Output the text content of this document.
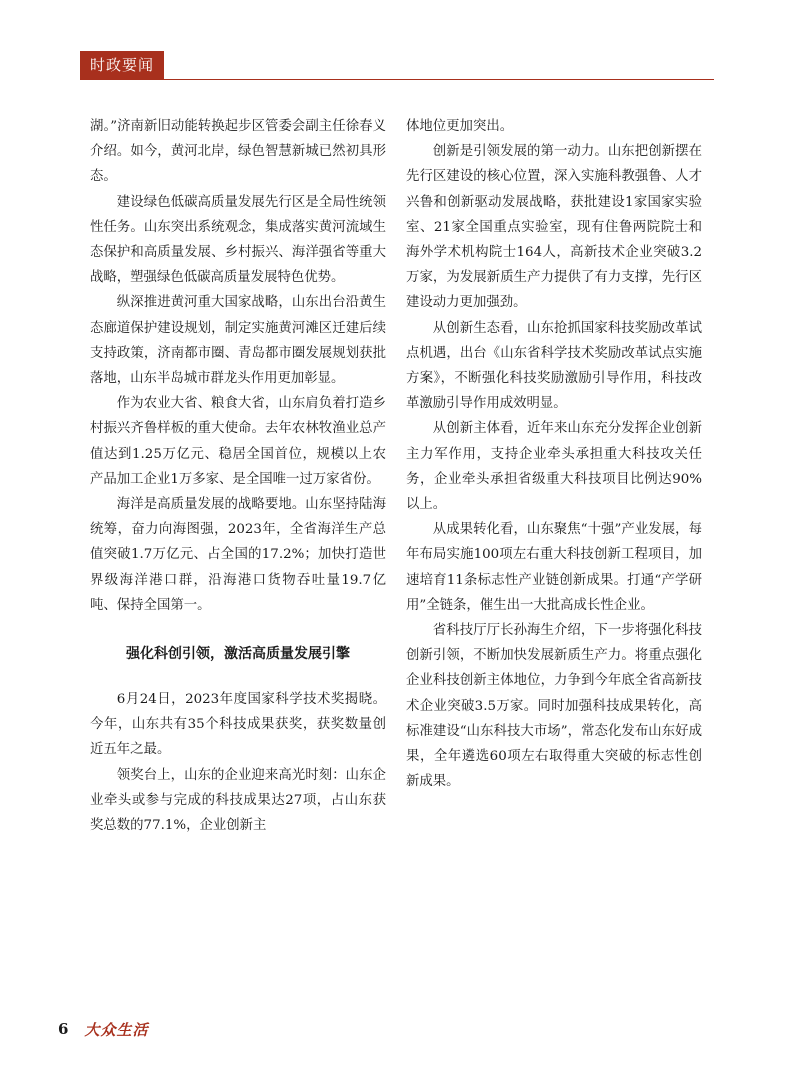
时政要闻

湖。”济南新旧动能转换起步区管委会副主任徐春义介绍。如今，黄河北岸，绿色智慧新城已然初具形态。

建设绿色低碳高质量发展先行区是全局性统领性任务。山东突出系统观念，集成落实黄河流域生态保护和高质量发展、乡村振兴、海洋强省等重大战略，塑强绿色低碳高质量发展特色优势。

纵深推进黄河重大国家战略，山东出台沿黄生态廊道保护建设规划，制定实施黄河滩区迁建后续支持政策，济南都市圈、青岛都市圈发展规划获批落地，山东半岛城市群龙头作用更加彰显。

作为农业大省、粮食大省，山东肩负着打造乡村振兴齐鲁样板的重大使命。去年农林牧渔业总产值达到1.25万亿元、稳居全国首位，规模以上农产品加工企业1万多家、是全国唯一过万家省份。

海洋是高质量发展的战略要地。山东坚持陆海统筹，奋力向海图强，2023年，全省海洋生产总值突破1.7万亿元、占全国的17.2%；加快打造世界级海洋港口群，沿海港口货物吞吐量19.7亿吨、保持全国第一。

强化科创引领，激活高质量发展引擎

6月24日，2023年度国家科学技术奖揭晓。今年，山东共有35个科技成果获奖，获奖数量创近五年之最。

领奖台上，山东的企业迎来高光时刻：山东企业牵头或参与完成的科技成果达27项，占山东获奖总数的77.1%，企业创新主

体地位更加突出。

创新是引领发展的第一动力。山东把创新摆在先行区建设的核心位置，深入实施科教强鲁、人才兴鲁和创新驱动发展战略，获批建设1家国家实验室、21家全国重点实验室，现有住鲁两院院士和海外学术机构院士164人，高新技术企业突破3.2万家，为发展新质生产力提供了有力支撑，先行区建设动力更加强劲。

从创新生态看，山东抢抓国家科技奖励改革试点机遇，出台《山东省科学技术奖励改革试点实施方案》，不断强化科技奖励激励引导作用，科技改革激励引导作用成效明显。

从创新主体看，近年来山东充分发挥企业创新主力军作用，支持企业牵头承担重大科技攻关任务，企业牵头承担省级重大科技项目比例达90%以上。

从成果转化看，山东聚焦“十强”产业发展，每年布局实施100项左右重大科技创新工程项目，加速培育11条标志性产业链创新成果。打通“产学研用”全链条，催生出一大批高成长性企业。

省科技厅厅长孙海生介绍，下一步将强化科技创新引领，不断加快发展新质生产力。将重点强化企业科技创新主体地位，力争到今年底全省高新技术企业突破3.5万家。同时加强科技成果转化，高标准建设“山东科技大市场”，常态化发布山东好成果，全年遴选60项左右取得重大突破的标志性创新成果。

6 大众生活
